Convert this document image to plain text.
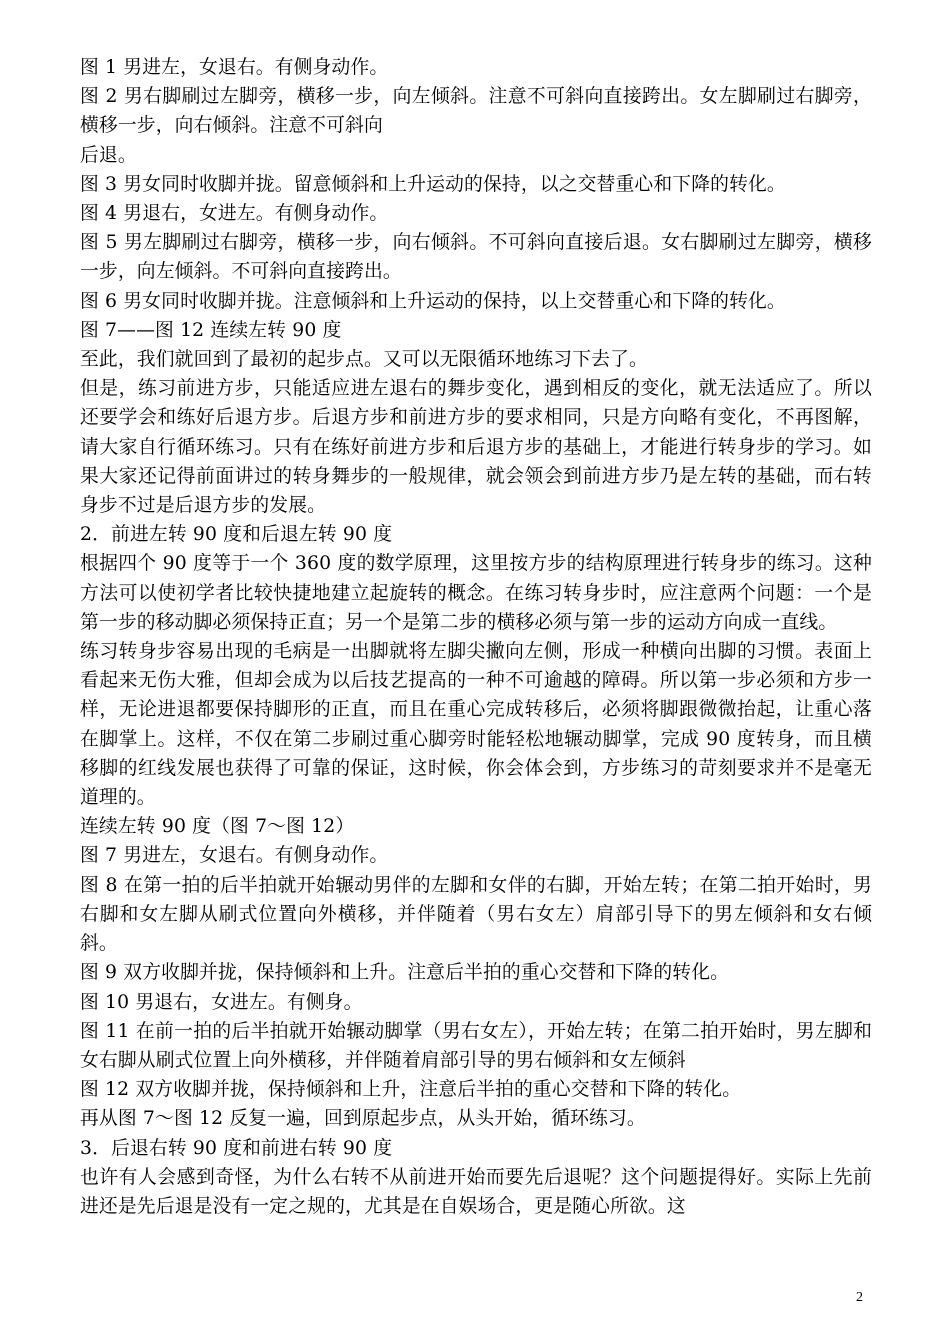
图 1 男进左，女退右。有侧身动作。

图 2 男右脚刷过左脚旁，横移一步，向左倾斜。注意不可斜向直接跨出。女左脚刷过右脚旁，横移一步，向右倾斜。注意不可斜向

后退。

图 3 男女同时收脚并拢。留意倾斜和上升运动的保持，以之交替重心和下降的转化。

图 4 男退右，女进左。有侧身动作。

图 5 男左脚刷过右脚旁，横移一步，向右倾斜。不可斜向直接后退。女右脚刷过左脚旁，横移一步，向左倾斜。不可斜向直接跨出。

图 6 男女同时收脚并拢。注意倾斜和上升运动的保持，以上交替重心和下降的转化。

图 7——图 12 连续左转 90 度

至此，我们就回到了最初的起步点。又可以无限循环地练习下去了。

但是，练习前进方步，只能适应进左退右的舞步变化，遇到相反的变化，就无法适应了。所以还要学会和练好后退方步。后退方步和前进方步的要求相同，只是方向略有变化，不再图解，请大家自行循环练习。只有在练好前进方步和后退方步的基础上，才能进行转身步的学习。如果大家还记得前面讲过的转身舞步的一般规律，就会领会到前进方步乃是左转的基础，而右转身步不过是后退方步的发展。

2．前进左转 90 度和后退左转 90 度

根据四个 90 度等于一个 360 度的数学原理，这里按方步的结构原理进行转身步的练习。这种方法可以使初学者比较快捷地建立起旋转的概念。在练习转身步时，应注意两个问题：一个是第一步的移动脚必须保持正直；另一个是第二步的横移必须与第一步的运动方向成一直线。

练习转身步容易出现的毛病是一出脚就将左脚尖撇向左侧，形成一种横向出脚的习惯。表面上看起来无伤大雅，但却会成为以后技艺提高的一种不可逾越的障碍。所以第一步必须和方步一样，无论进退都要保持脚形的正直，而且在重心完成转移后，必须将脚跟微微抬起，让重心落在脚掌上。这样，不仅在第二步刷过重心脚旁时能轻松地辗动脚掌，完成 90 度转身，而且横移脚的红线发展也获得了可靠的保证，这时候，你会体会到，方步练习的苛刻要求并不是毫无道理的。

连续左转 90 度（图 7～图 12）

图 7 男进左，女退右。有侧身动作。

图 8 在第一拍的后半拍就开始辗动男伴的左脚和女伴的右脚，开始左转；在第二拍开始时，男右脚和女左脚从刷式位置向外横移，并伴随着（男右女左）肩部引导下的男左倾斜和女右倾斜。

图 9 双方收脚并拢，保持倾斜和上升。注意后半拍的重心交替和下降的转化。

图 10 男退右，女进左。有侧身。

图 11 在前一拍的后半拍就开始辗动脚掌（男右女左），开始左转；在第二拍开始时，男左脚和女右脚从刷式位置上向外横移，并伴随着肩部引导的男右倾斜和女左倾斜

图 12 双方收脚并拢，保持倾斜和上升，注意后半拍的重心交替和下降的转化。

再从图 7～图 12 反复一遍，回到原起步点，从头开始，循环练习。

3．后退右转 90 度和前进右转 90 度

也许有人会感到奇怪，为什么右转不从前进开始而要先后退呢？这个问题提得好。实际上先前进还是先后退是没有一定之规的，尤其是在自娱场合，更是随心所欲。这

2
